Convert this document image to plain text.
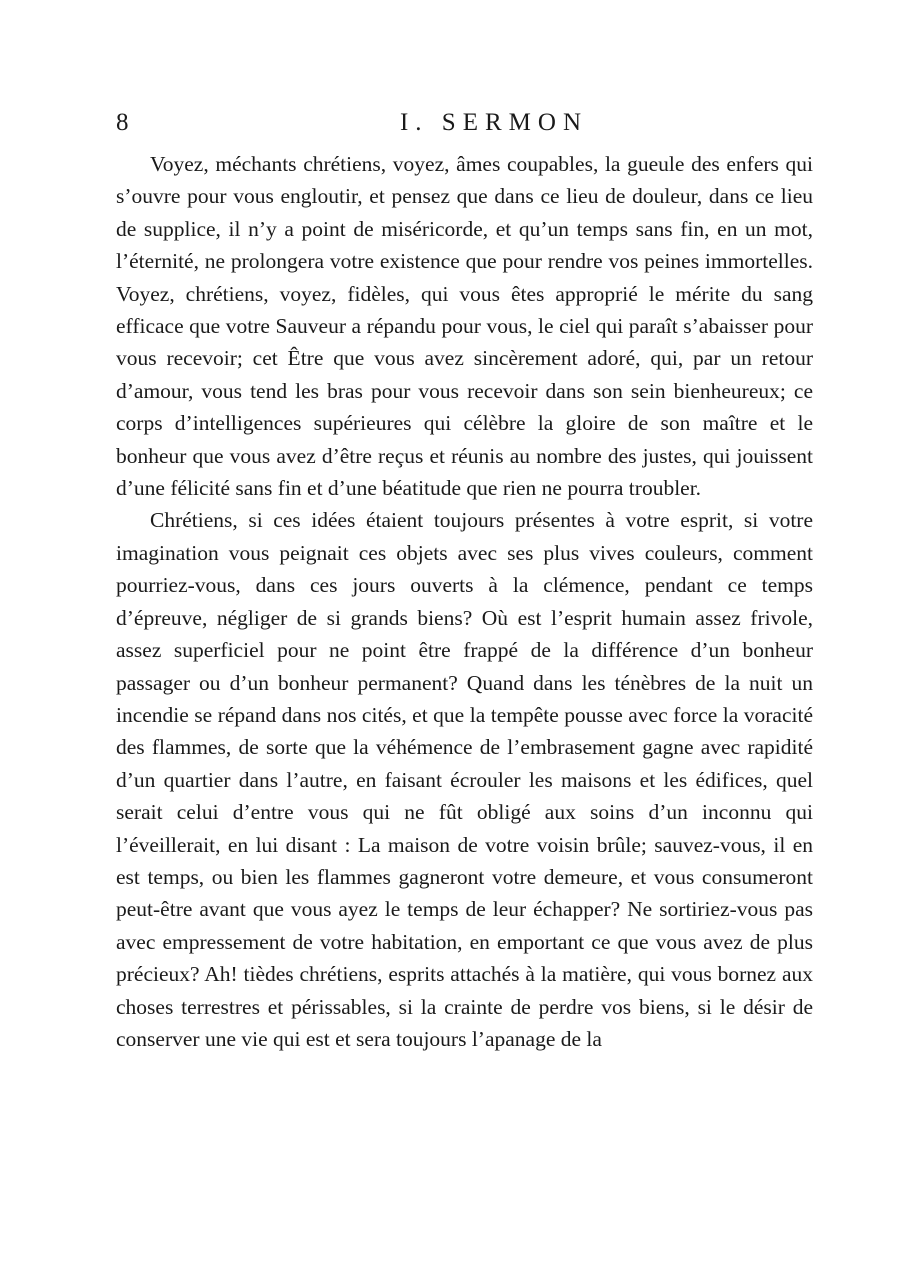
8	I. SERMON

Voyez, méchants chrétiens, voyez, âmes coupables, la gueule des enfers qui s’ouvre pour vous engloutir, et pensez que dans ce lieu de douleur, dans ce lieu de supplice, il n’y a point de miséricorde, et qu’un temps sans fin, en un mot, l’éternité, ne prolongera votre existence que pour rendre vos peines immortelles. Voyez, chrétiens, voyez, fidèles, qui vous êtes approprié le mérite du sang efficace que votre Sauveur a répandu pour vous, le ciel qui paraît s’abaisser pour vous recevoir; cet Être que vous avez sincèrement adoré, qui, par un retour d’amour, vous tend les bras pour vous recevoir dans son sein bienheureux; ce corps d’intelligences supérieures qui célèbre la gloire de son maître et le bonheur que vous avez d’être reçus et réunis au nombre des justes, qui jouissent d’une félicité sans fin et d’une béatitude que rien ne pourra troubler.

Chrétiens, si ces idées étaient toujours présentes à votre esprit, si votre imagination vous peignait ces objets avec ses plus vives couleurs, comment pourriez-vous, dans ces jours ouverts à la clémence, pendant ce temps d’épreuve, négliger de si grands biens? Où est l’esprit humain assez frivole, assez superficiel pour ne point être frappé de la différence d’un bonheur passager ou d’un bonheur permanent? Quand dans les ténèbres de la nuit un incendie se répand dans nos cités, et que la tempête pousse avec force la voracité des flammes, de sorte que la véhémence de l’embrasement gagne avec rapidité d’un quartier dans l’autre, en faisant écrouler les maisons et les édifices, quel serait celui d’entre vous qui ne fût obligé aux soins d’un inconnu qui l’éveillerait, en lui disant : La maison de votre voisin brûle; sauvez-vous, il en est temps, ou bien les flammes gagneront votre demeure, et vous consumeront peut-être avant que vous ayez le temps de leur échapper? Ne sortiriez-vous pas avec empressement de votre habitation, en emportant ce que vous avez de plus précieux? Ah! tièdes chrétiens, esprits attachés à la matière, qui vous bornez aux choses terrestres et périssables, si la crainte de perdre vos biens, si le désir de conserver une vie qui est et sera toujours l’apanage de la
